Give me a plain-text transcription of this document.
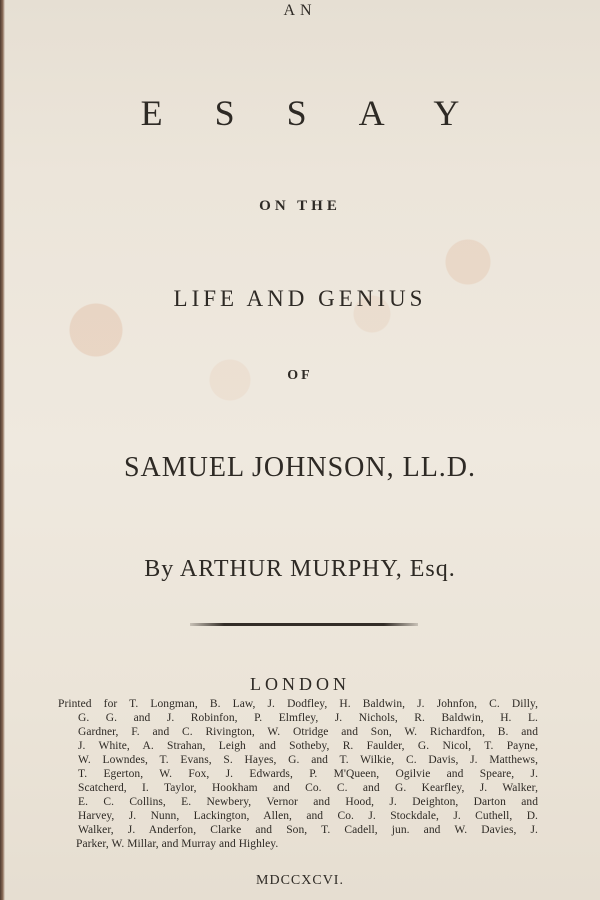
AN
ESSAY
ON THE
LIFE AND GENIUS
OF
SAMUEL JOHNSON, LL.D.
By ARTHUR MURPHY, Esq.
LONDON
Printed for T. Longman, B. Law, J. Dodfley, H. Baldwin, J. Johnfon, C. Dilly,
G. G. and J. Robinfon, P. Elmfley, J. Nichols, R. Baldwin, H. L.
Gardner, F. and C. Rivington, W. Otridge and Son, W. Richardfon, B. and
J. White, A. Strahan, Leigh and Sotheby, R. Faulder, G. Nicol, T. Payne,
W. Lowndes, T. Evans, S. Hayes, G. and T. Wilkie, C. Davis, J. Matthews,
T. Egerton, W. Fox, J. Edwards, P. M'Queen, Ogilvie and Speare, J.
Scatcherd, I. Taylor, Hookham and Co. C. and G. Kearfley, J. Walker,
E. C. Collins, E. Newbery, Vernor and Hood, J. Deighton, Darton and
Harvey, J. Nunn, Lackington, Allen, and Co. J. Stockdale, J. Cuthell, D.
Walker, J. Anderfon, Clarke and Son, T. Cadell, jun. and W. Davies, J.
Parker, W. Millar, and Murray and Highley.
MDCCXCVI.
